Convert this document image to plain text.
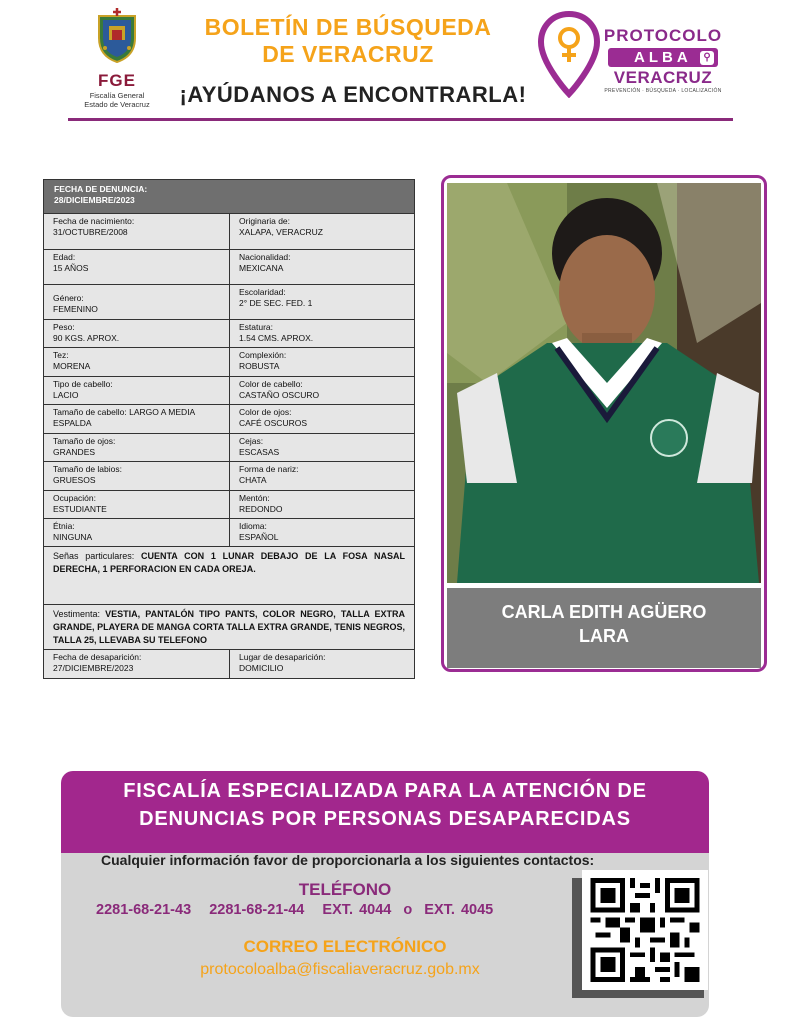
FGE
Fiscalía General
Estado de Veracruz
BOLETÍN DE BÚSQUEDA
DE VERACRUZ
¡AYÚDANOS A ENCONTRARLA!
PROTOCOLO
ALBA	⚲
VERACRUZ
PREVENCIÓN · BÚSQUEDA · LOCALIZACIÓN
FECHA DE DENUNCIA:
28/DICIEMBRE/2023
Fecha de nacimiento:
31/OCTUBRE/2008
Originaria de:
XALAPA, VERACRUZ
Edad:
15 AÑOS
Nacionalidad:
MEXICANA
Género:
FEMENINO
Escolaridad:
2° DE SEC. FED. 1
Peso:
90 KGS. APROX.
Estatura:
1.54 CMS. APROX.
Tez:
MORENA
Complexión:
ROBUSTA
Tipo de cabello:
LACIO
Color de cabello:
CASTAÑO OSCURO
Tamaño de cabello: LARGO A MEDIA ESPALDA
Color de ojos:
CAFÉ OSCUROS
Tamaño de ojos:
GRANDES
Cejas:
ESCASAS
Tamaño de labios:
GRUESOS
Forma de nariz:
CHATA
Ocupación:
ESTUDIANTE
Mentón:
REDONDO
Étnia:
NINGUNA
Idioma:
ESPAÑOL
Señas particulares: CUENTA CON 1 LUNAR DEBAJO DE LA FOSA NASAL DERECHA, 1 PERFORACION EN CADA OREJA.
Vestimenta: VESTIA, PANTALÓN TIPO PANTS, COLOR NEGRO, TALLA EXTRA GRANDE, PLAYERA DE MANGA CORTA TALLA EXTRA GRANDE, TENIS NEGROS, TALLA 25, LLEVABA SU TELEFONO
Fecha de desaparición:
27/DICIEMBRE/2023
Lugar de desaparición:
DOMICILIO
CARLA EDITH AGÜERO
LARA
FISCALÍA ESPECIALIZADA PARA LA ATENCIÓN DE
DENUNCIAS POR PERSONAS DESAPARECIDAS
Cualquier información favor de proporcionarla a los siguientes contactos:
TELÉFONO
2281-68-21-43   2281-68-21-44   EXT. 4044  o  EXT. 4045
CORREO ELECTRÓNICO
protocoloalba@fiscaliaveracruz.gob.mx
